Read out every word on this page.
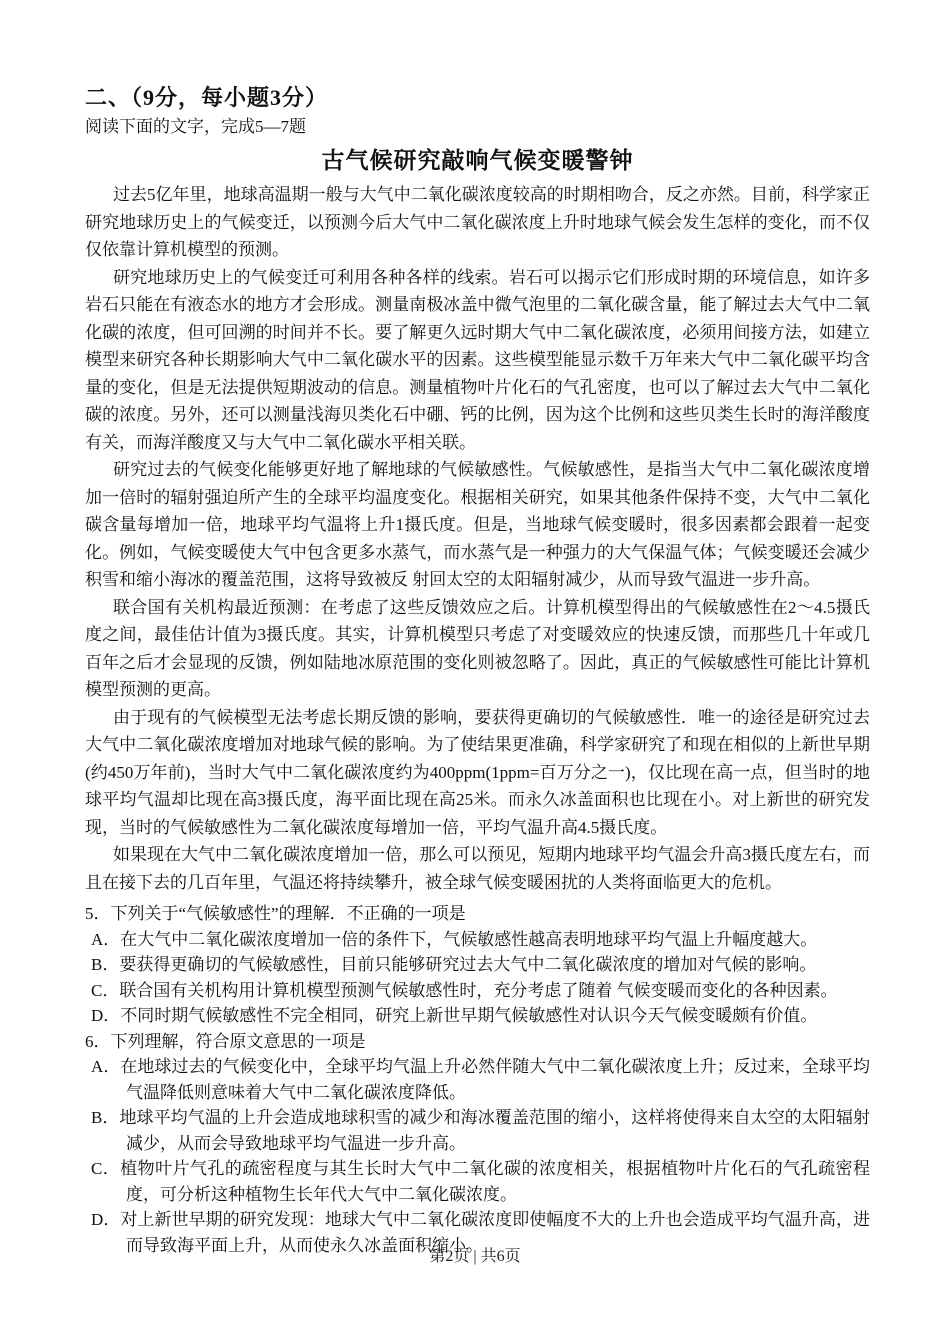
二、（9分，每小题3分）
阅读下面的文字，完成5—7题
古气候研究敲响气候变暖警钟

过去5亿年里，地球高温期一般与大气中二氧化碳浓度较高的时期相吻合，反之亦然。目前，科学家正研究地球历史上的气候变迁，以预测今后大气中二氧化碳浓度上升时地球气候会发生怎样的变化，而不仅仅依靠计算机模型的预测。

研究地球历史上的气候变迁可利用各种各样的线索。岩石可以揭示它们形成时期的环境信息，如许多岩石只能在有液态水的地方才会形成。测量南极冰盖中微气泡里的二氧化碳含量，能了解过去大气中二氧化碳的浓度，但可回溯的时间并不长。要了解更久远时期大气中二氧化碳浓度，必须用间接方法，如建立模型来研究各种长期影响大气中二氧化碳水平的因素。这些模型能显示数千万年来大气中二氧化碳平均含量的变化，但是无法提供短期波动的信息。测量植物叶片化石的气孔密度，也可以了解过去大气中二氧化碳的浓度。另外，还可以测量浅海贝类化石中硼、钙的比例，因为这个比例和这些贝类生长时的海洋酸度有关，而海洋酸度又与大气中二氧化碳水平相关联。

研究过去的气候变化能够更好地了解地球的气候敏感性。气候敏感性，是指当大气中二氧化碳浓度增加一倍时的辐射强迫所产生的全球平均温度变化。根据相关研究，如果其他条件保持不变，大气中二氧化碳含量每增加一倍，地球平均气温将上升1摄氏度。但是，当地球气候变暖时，很多因素都会跟着一起变化。例如，气候变暖使大气中包含更多水蒸气，而水蒸气是一种强力的大气保温气体；气候变暖还会减少积雪和缩小海冰的覆盖范围，这将导致被反 射回太空的太阳辐射减少，从而导致气温进一步升高。

联合国有关机构最近预测：在考虑了这些反馈效应之后。计算机模型得出的气候敏感性在2～4.5摄氏度之间，最佳估计值为3摄氏度。其实，计算机模型只考虑了对变暖效应的快速反馈，而那些几十年或几百年之后才会显现的反馈，例如陆地冰原范围的变化则被忽略了。因此，真正的气候敏感性可能比计算机模型预测的更高。

由于现有的气候模型无法考虑长期反馈的影响，要获得更确切的气候敏感性．唯一的途径是研究过去大气中二氧化碳浓度增加对地球气候的影响。为了使结果更准确，科学家研究了和现在相似的上新世早期(约450万年前)，当时大气中二氧化碳浓度约为400ppm(1ppm=百万分之一)，仅比现在高一点，但当时的地球平均气温却比现在高3摄氏度，海平面比现在高25米。而永久冰盖面积也比现在小。对上新世的研究发现，当时的气候敏感性为二氧化碳浓度每增加一倍，平均气温升高4.5摄氏度。

如果现在大气中二氧化碳浓度增加一倍，那么可以预见，短期内地球平均气温会升高3摄氏度左右，而且在接下去的几百年里，气温还将持续攀升，被全球气候变暖困扰的人类将面临更大的危机。

5．下列关于“气候敏感性”的理解．不正确的一项是
A．在大气中二氧化碳浓度增加一倍的条件下，气候敏感性越高表明地球平均气温上升幅度越大。
B．要获得更确切的气候敏感性，目前只能够研究过去大气中二氧化碳浓度的增加对气候的影响。
C．联合国有关机构用计算机模型预测气候敏感性时，充分考虑了随着 气候变暖而变化的各种因素。
D．不同时期气候敏感性不完全相同，研究上新世早期气候敏感性对认识今天气候变暖颇有价值。
6．下列理解，符合原文意思的一项是
A．在地球过去的气候变化中，全球平均气温上升必然伴随大气中二氧化碳浓度上升；反过来，全球平均气温降低则意味着大气中二氧化碳浓度降低。
B．地球平均气温的上升会造成地球积雪的减少和海冰覆盖范围的缩小，这样将使得来自太空的太阳辐射减少，从而会导致地球平均气温进一步升高。
C．植物叶片气孔的疏密程度与其生长时大气中二氧化碳的浓度相关，根据植物叶片化石的气孔疏密程度，可分析这种植物生长年代大气中二氧化碳浓度。
D．对上新世早期的研究发现：地球大气中二氧化碳浓度即使幅度不大的上升也会造成平均气温升高，进而导致海平面上升，从而使永久冰盖面积缩小。
第2页 | 共6页
